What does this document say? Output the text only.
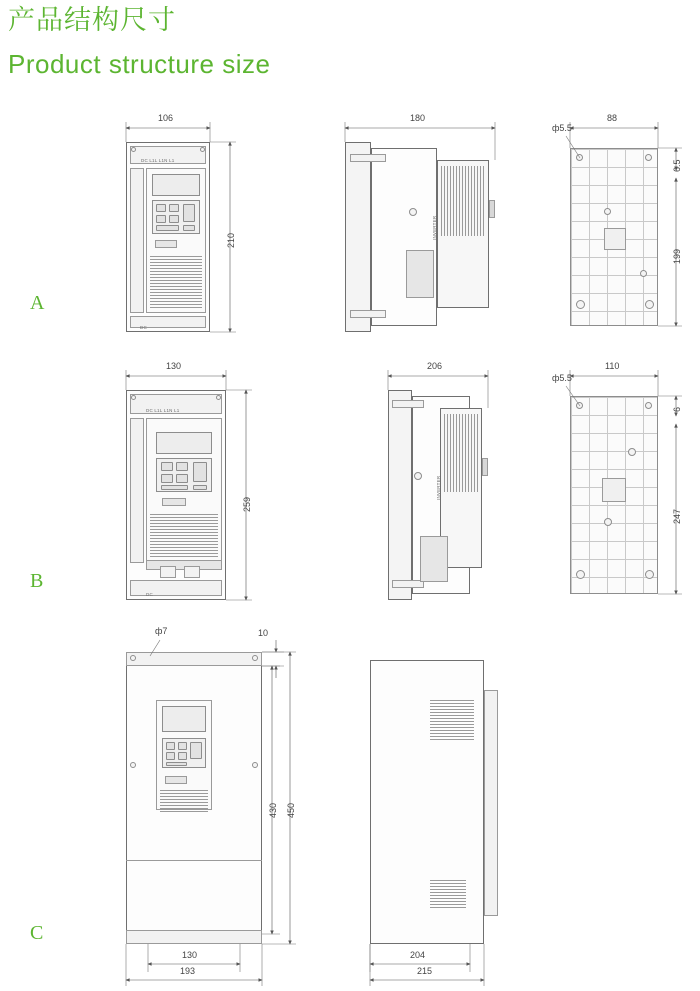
产品结构尺寸
Product structure size
A
B
C
DC L1L L1N L1
DC
INVERTER
DC L1L L1N L1
DC
INVERTER
106
210
180	88
199
6.5
ф5.5
130
259
206	110
247
6
ф5.5
ф7	10
430 450
130
193
204
215
